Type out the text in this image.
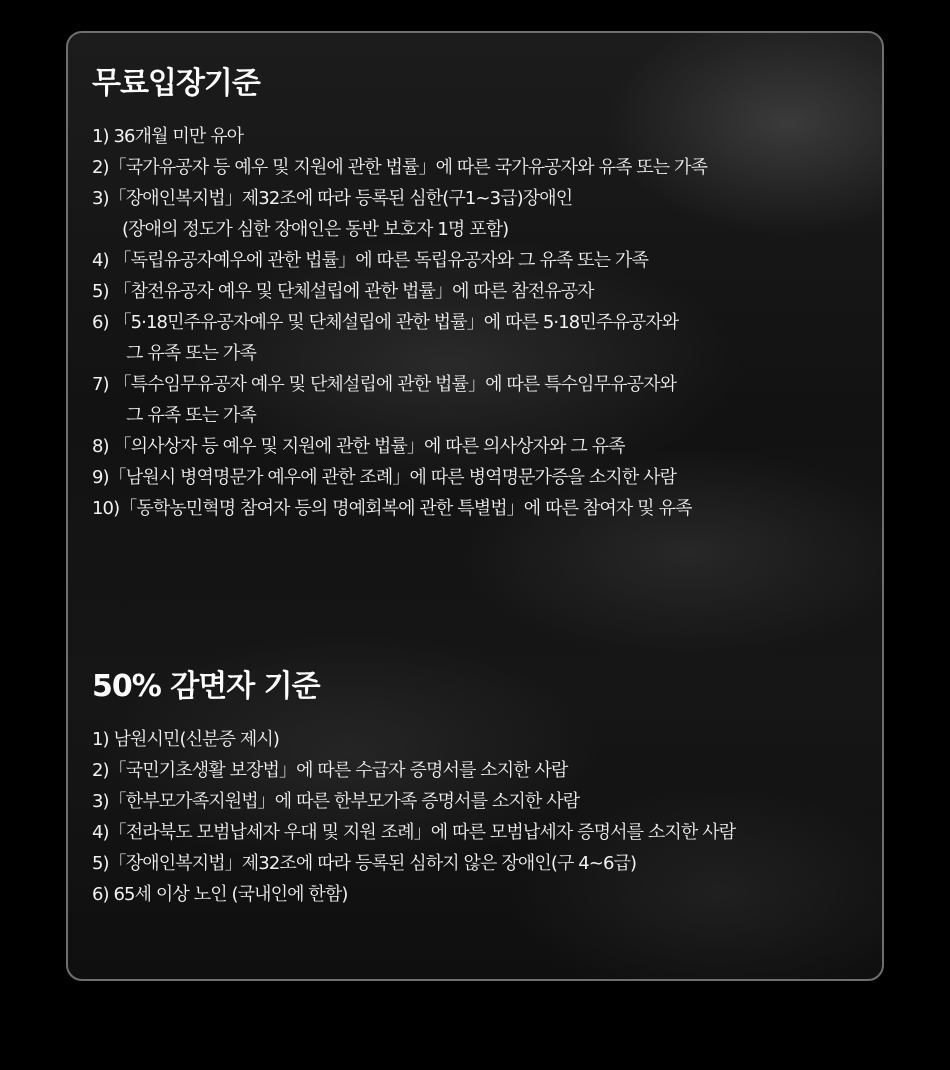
무료입장기준
1) 36개월 미만 유아
2)「국가유공자 등 예우 및 지원에 관한 법률」에 따른 국가유공자와 유족 또는 가족
3)「장애인복지법」제32조에 따라 등록된 심한(구1~3급)장애인
(장애의 정도가 심한 장애인은 동반 보호자 1명 포함)
4) 「독립유공자예우에 관한 법률」에 따른 독립유공자와 그 유족 또는 가족
5) 「참전유공자 예우 및 단체설립에 관한 법률」에 따른 참전유공자
6) 「5·18민주유공자예우 및 단체설립에 관한 법률」에 따른 5·18민주유공자와
그 유족 또는 가족
7) 「특수임무유공자 예우 및 단체설립에 관한 법률」에 따른 특수임무유공자와
그 유족 또는 가족
8) 「의사상자 등 예우 및 지원에 관한 법률」에 따른 의사상자와 그 유족
9)「남원시 병역명문가 예우에 관한 조례」에 따른 병역명문가증을 소지한 사람
10)「동학농민혁명 참여자 등의 명예회복에 관한 특별법」에 따른 참여자 및 유족
50% 감면자 기준
1) 남원시민(신분증 제시)
2)「국민기초생활 보장법」에 따른 수급자 증명서를 소지한 사람
3)「한부모가족지원법」에 따른 한부모가족 증명서를 소지한 사람
4)「전라북도 모범납세자 우대 및 지원 조례」에 따른 모범납세자 증명서를 소지한 사람
5)「장애인복지법」제32조에 따라 등록된 심하지 않은 장애인(구 4~6급)
6) 65세 이상 노인 (국내인에 한함)
